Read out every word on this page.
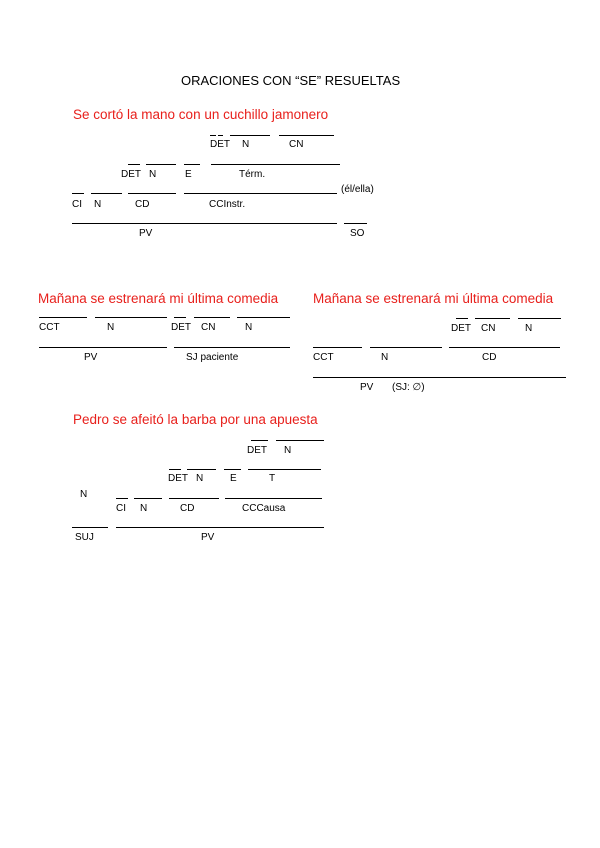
ORACIONES CON “SE” RESUELTAS
Se cortó la mano con un cuchillo jamonero
DET N	CN
DET N	E	Térm.
(él/ella)
CI N	CD	CCInstr.
PV	SO
Mañana se estrenará mi última comedia
CCT	N	DET CN	N
PV	SJ paciente
Mañana se estrenará mi última comedia
DET CN	N
CCT	N	CD
PV (SJ: ∅)
Pedro se afeitó la barba por una apuesta
DET N
DET N	E	T
N
CI N	CD	CCCausa
SUJ	PV
